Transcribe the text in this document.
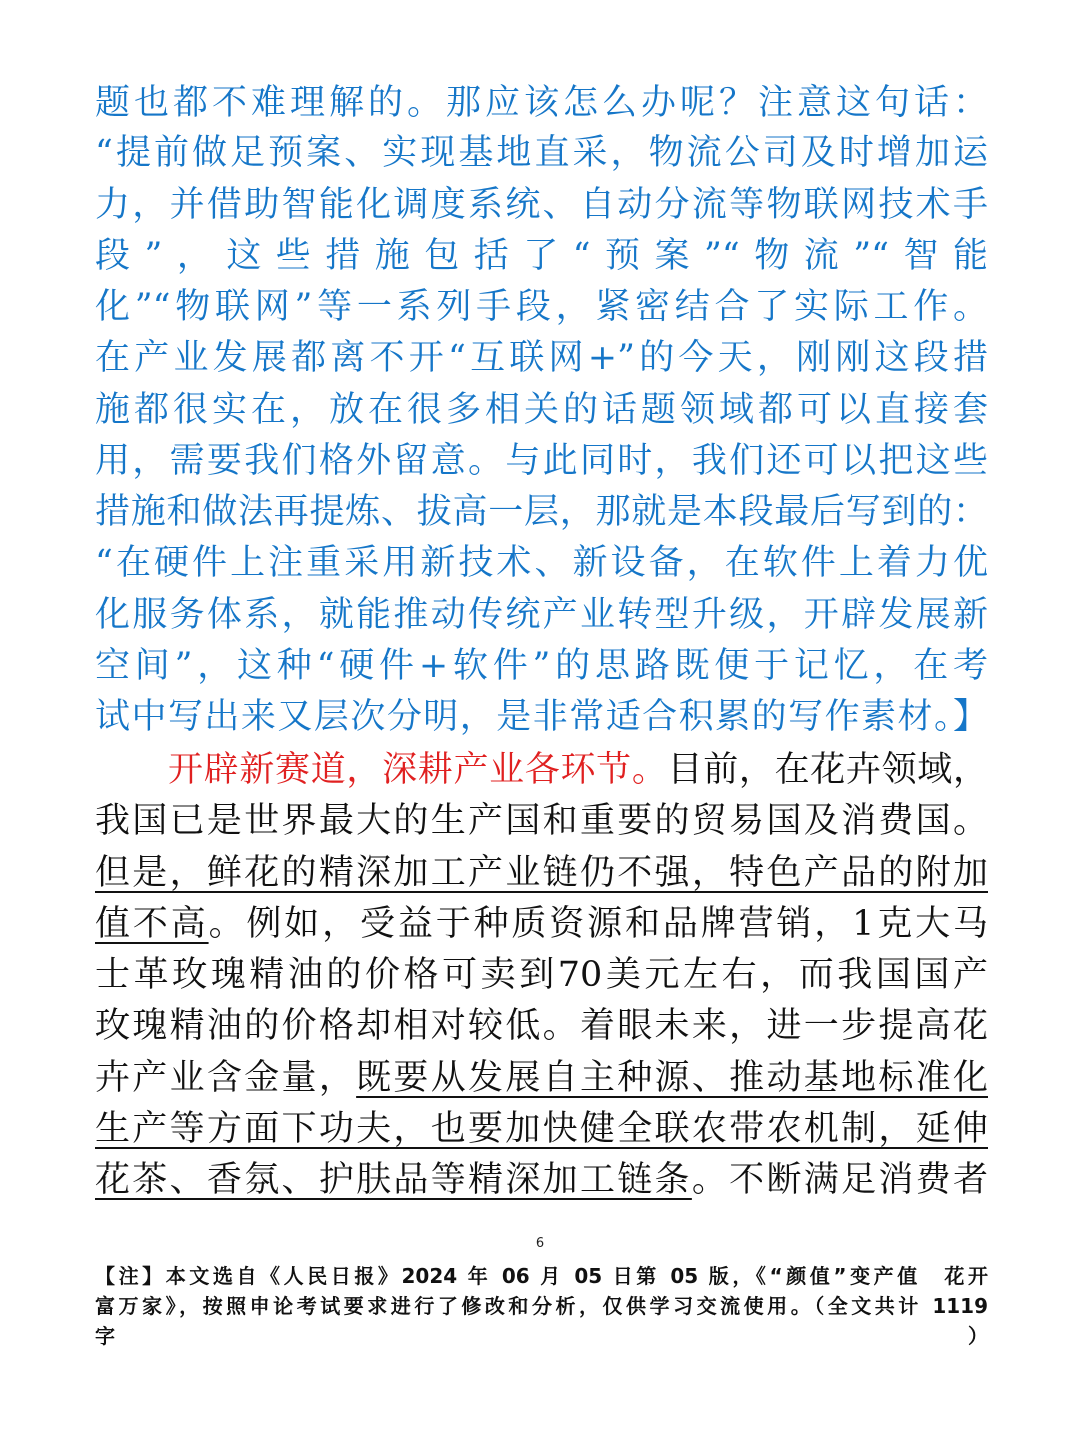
题也都不难理解的。那应该怎么办呢？注意这句话：
“提前做足预案、实现基地直采，物流公司及时增加运
力，并借助智能化调度系统、自动分流等物联网技术手
段”，这些措施包括了“预案”“物流”“智能
化”“物联网”等一系列手段，紧密结合了实际工作。
在产业发展都离不开“互联网+”的今天，刚刚这段措
施都很实在，放在很多相关的话题领域都可以直接套
用，需要我们格外留意。与此同时，我们还可以把这些
措施和做法再提炼、拔高一层，那就是本段最后写到的：
“在硬件上注重采用新技术、新设备，在软件上着力优
化服务体系，就能推动传统产业转型升级，开辟发展新
空间”，这种“硬件+软件”的思路既便于记忆，在考
试中写出来又层次分明，是非常适合积累的写作素材。】
开辟新赛道，深耕产业各环节。目前，在花卉领域，
我国已是世界最大的生产国和重要的贸易国及消费国。
但是，鲜花的精深加工产业链仍不强，特色产品的附加
值不高。例如，受益于种质资源和品牌营销，1克大马
士革玫瑰精油的价格可卖到70美元左右，而我国国产
玫瑰精油的价格却相对较低。着眼未来，进一步提高花
卉产业含金量，既要从发展自主种源、推动基地标准化
生产等方面下功夫，也要加快健全联农带农机制，延伸
花茶、香氛、护肤品等精深加工链条。不断满足消费者
6
【注】本文选自《人民日报》2024 年 06 月 05 日第 05 版，《“颜值”变产值　花开
富万家》，按照申论考试要求进行了修改和分析，仅供学习交流使用。（全文共计 1119
字）
